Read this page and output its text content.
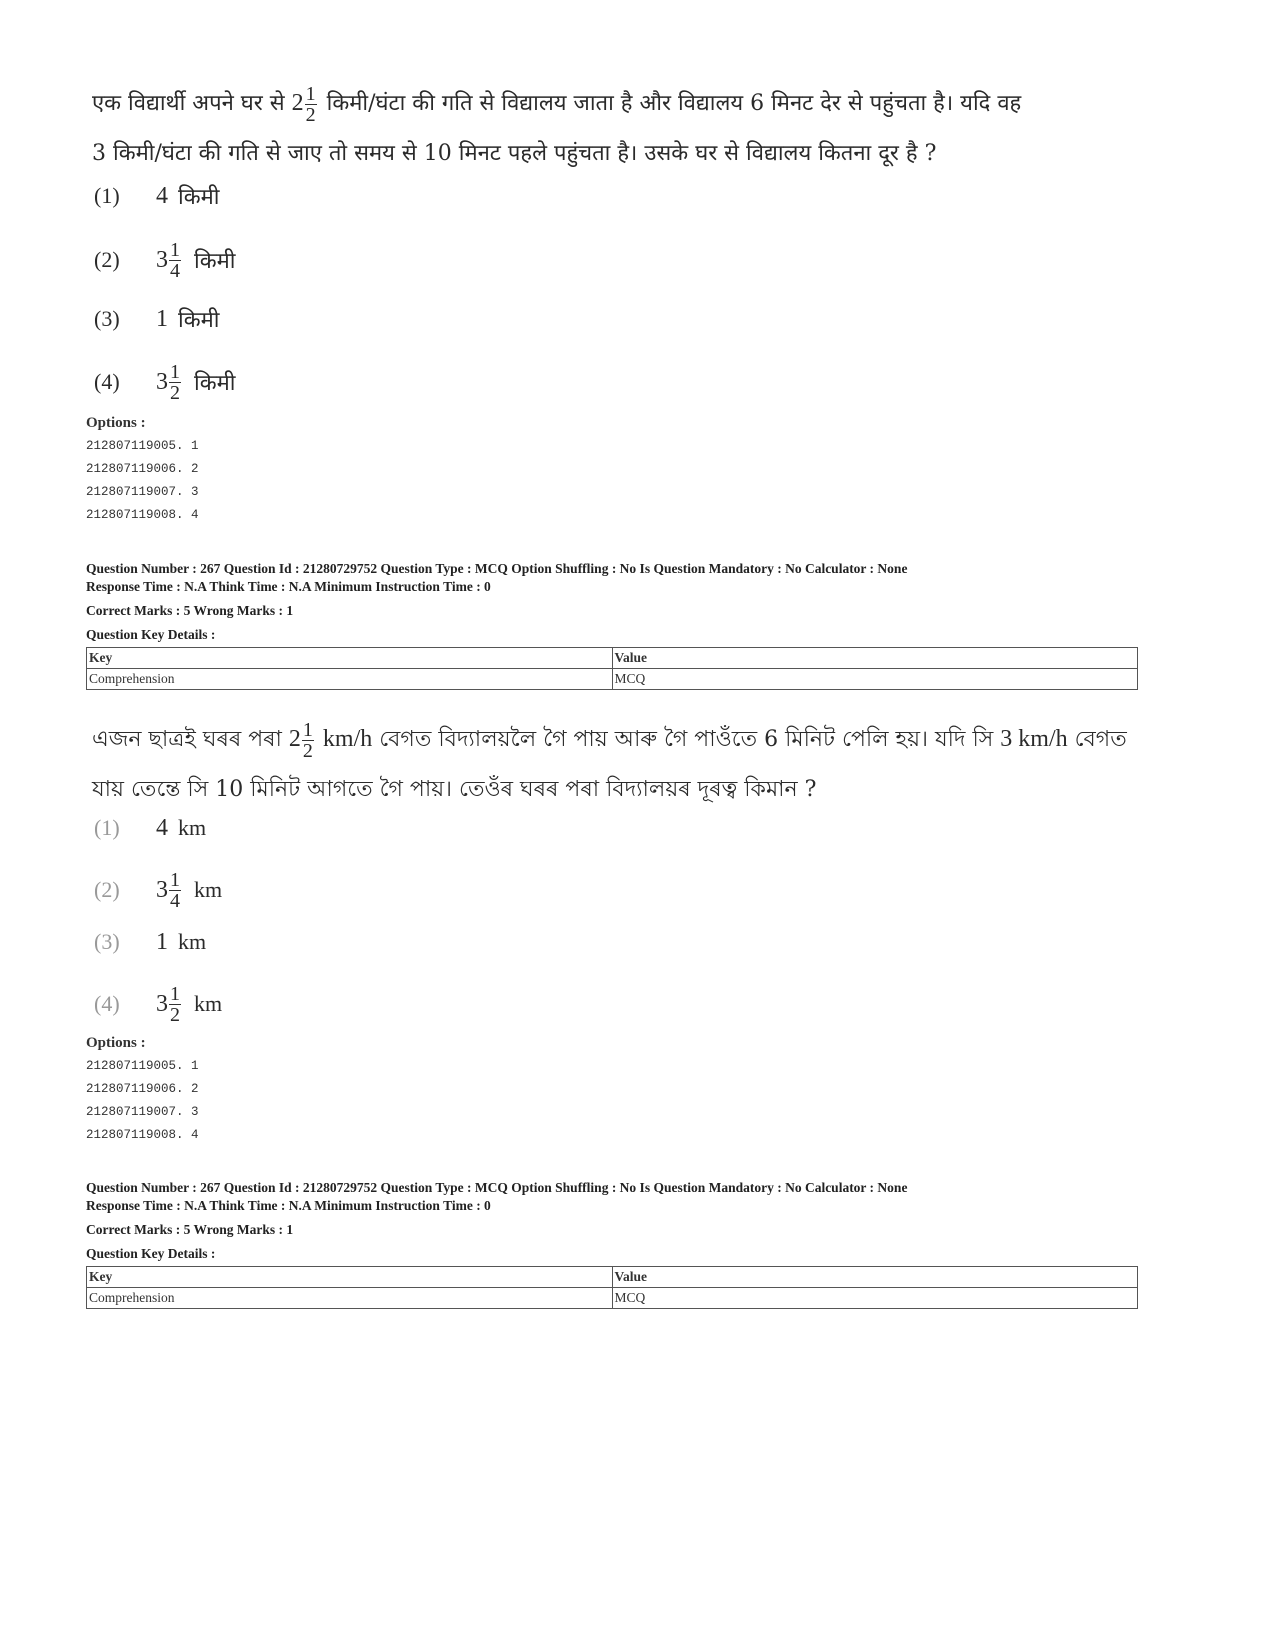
एक विद्यार्थी अपने घर से $2 \frac{1}{2}$ किमी/घंटा की गति से विद्यालय जाता है और विद्यालय 6 मिनट देर से पहुंचता है। यदि वह
3 किमी/घंटा की गति से जाए तो समय से 10 मिनट पहले पहुंचता है। उसके घर से विद्यालय कितना दूर है ?
(1)	4 किमी
(2)	$3 \frac{1}{4}$ किमी
(3)	1 किमी
(4)	$3 \frac{1}{2}$ किमी
Options :
212807119005. 1
212807119006. 2
212807119007. 3
212807119008. 4
Question Number : 267 Question Id : 21280729752 Question Type : MCQ Option Shuffling : No Is Question Mandatory : No Calculator : None
Response Time : N.A Think Time : N.A Minimum Instruction Time : 0
Correct Marks : 5 Wrong Marks : 1
Question Key Details :
Key	Value
Comprehension	MCQ
এজন ছাত্ৰই ঘৰৰ পৰা $2 \frac{1}{2} km/h$ বেগত বিদ্যালয়লৈ গৈ পায় আৰু গৈ পাওঁতে 6 মিনিট পেলি হয়। যদি সি 3 km/h বেগত
যায় তেন্তে সি 10 মিনিট আগতে গৈ পায়। তেওঁৰ ঘৰৰ পৰা বিদ্যালয়ৰ দূৰত্ব কিমান ?
(1)	4 km
(2)	$3 \frac{1}{4}$ km
(3)	1 km
(4)	$3 \frac{1}{2}$ km
Options :
212807119005. 1
212807119006. 2
212807119007. 3
212807119008. 4
Question Number : 267 Question Id : 21280729752 Question Type : MCQ Option Shuffling : No Is Question Mandatory : No Calculator : None
Response Time : N.A Think Time : N.A Minimum Instruction Time : 0
Correct Marks : 5 Wrong Marks : 1
Question Key Details :
Key	Value
Comprehension	MCQ
